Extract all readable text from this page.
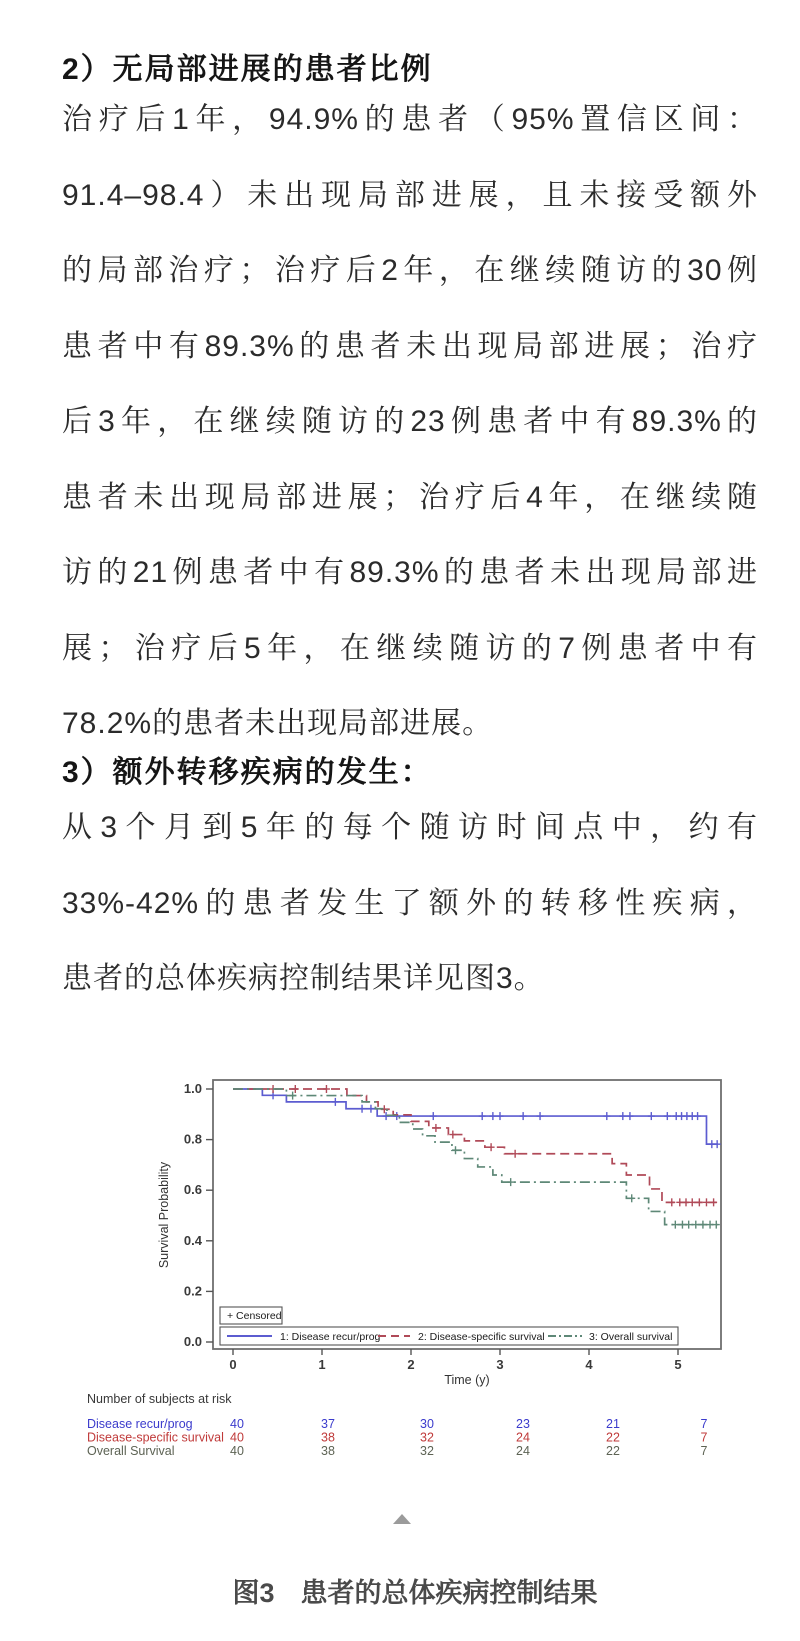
2）无局部进展的患者比例
治疗后1年，94.9%的患者（95%置信区间：
91.4–98.4）未出现局部进展，且未接受额外
的局部治疗；治疗后2年，在继续随访的30例
患者中有89.3%的患者未出现局部进展；治疗
后3年，在继续随访的23例患者中有89.3%的
患者未出现局部进展；治疗后4年，在继续随
访的21例患者中有89.3%的患者未出现局部进
展；治疗后5年，在继续随访的7例患者中有
78.2%的患者未出现局部进展。
3）额外转移疾病的发生：
从3个月到5年的每个随访时间点中，约有
33%-42%的患者发生了额外的转移性疾病，
患者的总体疾病控制结果详见图3。
0.0
0.2
0.4
0.6
0.8
1.0
0	1	2	3	4	5
Time (y)
Survival Probability
+ Censored
1: Disease recur/prog	2: Disease-specific survival	3: Overall survival
Number of subjects at risk
Disease recur/prog	40	37	30	23	21	7
Disease-specific survival 40	38	32	24	22	7
Overall Survival	40	38	32	24	22	7

图3 患者的总体疾病控制结果
